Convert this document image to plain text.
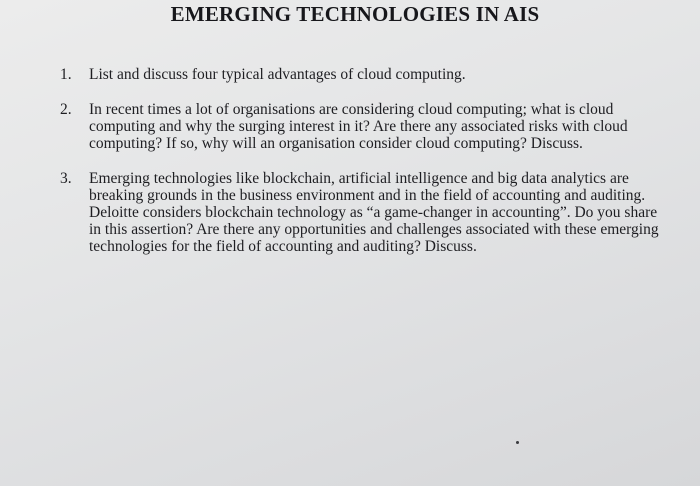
EMERGING TECHNOLOGIES IN AIS
1.	List and discuss four typical advantages of cloud computing.
2.	In recent times a lot of organisations are considering cloud computing; what is cloud computing and why the surging interest in it? Are there any associated risks with cloud computing? If so, why will an organisation consider cloud computing? Discuss.
3.	Emerging technologies like blockchain, artificial intelligence and big data analytics are breaking grounds in the business environment and in the field of accounting and auditing. Deloitte considers blockchain technology as “a game-changer in accounting”. Do you share in this assertion? Are there any opportunities and challenges associated with these emerging technologies for the field of accounting and auditing? Discuss.
